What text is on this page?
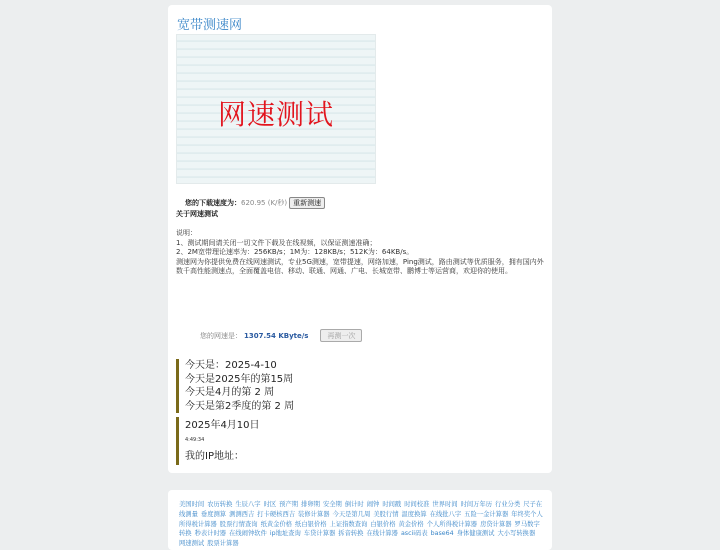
宽带测速网
网速测试
您的下载速度为： 620.95 (K/秒) 重新测速
关于网速测试

说明：

1、测试期间请关闭一切文件下载及在线视频，以保证测速准确；

2、2M宽带理论速率为：256KB/s；1M为：128KB/s；512K为：64KB/s。

测速网为你提供免费在线网速测试，专业5G测速，宽带提速，网络加速，Ping测试，路由测试等优质服务，拥有国内外数千高性能测速点，全面覆盖电信、移动、联通、网通、广电、长城宽带、鹏博士等运营商，欢迎你的使用。

您的网速是： 1307.54 KByte/s	再测一次
今天是：2025-4-10
今天是2025年的第15周
今天是4月的第 2 周
今天是第2季度的第 2 周
2025年4月10日
4:49:34
我的IP地址：
美国时间 农历转换 生辰八字 时区 预产期 排卵期 安全期 倒计时 闹钟 时间戳 时间校准 世界时间 时间万年历 行业分类 尺子在线测量 垂度测算 测测西吉 打卡硬核西吉 装修计算器 今天是第几周 美股行情 温度换算 在线批八字 五险一金计算器 年终奖个人所得税计算器 股票行情查询 纸黄金价格 纸白银价格 上证指数查询 白银价格 黄金价格 个人所得税计算器 房贷计算器 罗马数字转换 秒表计时器 在线闹钟软件 ip地址查询 车贷计算器 拆音转换 在线计算器 ascii码表 base64 身体健康测试 大小写转换器网速测试 股票计算器
